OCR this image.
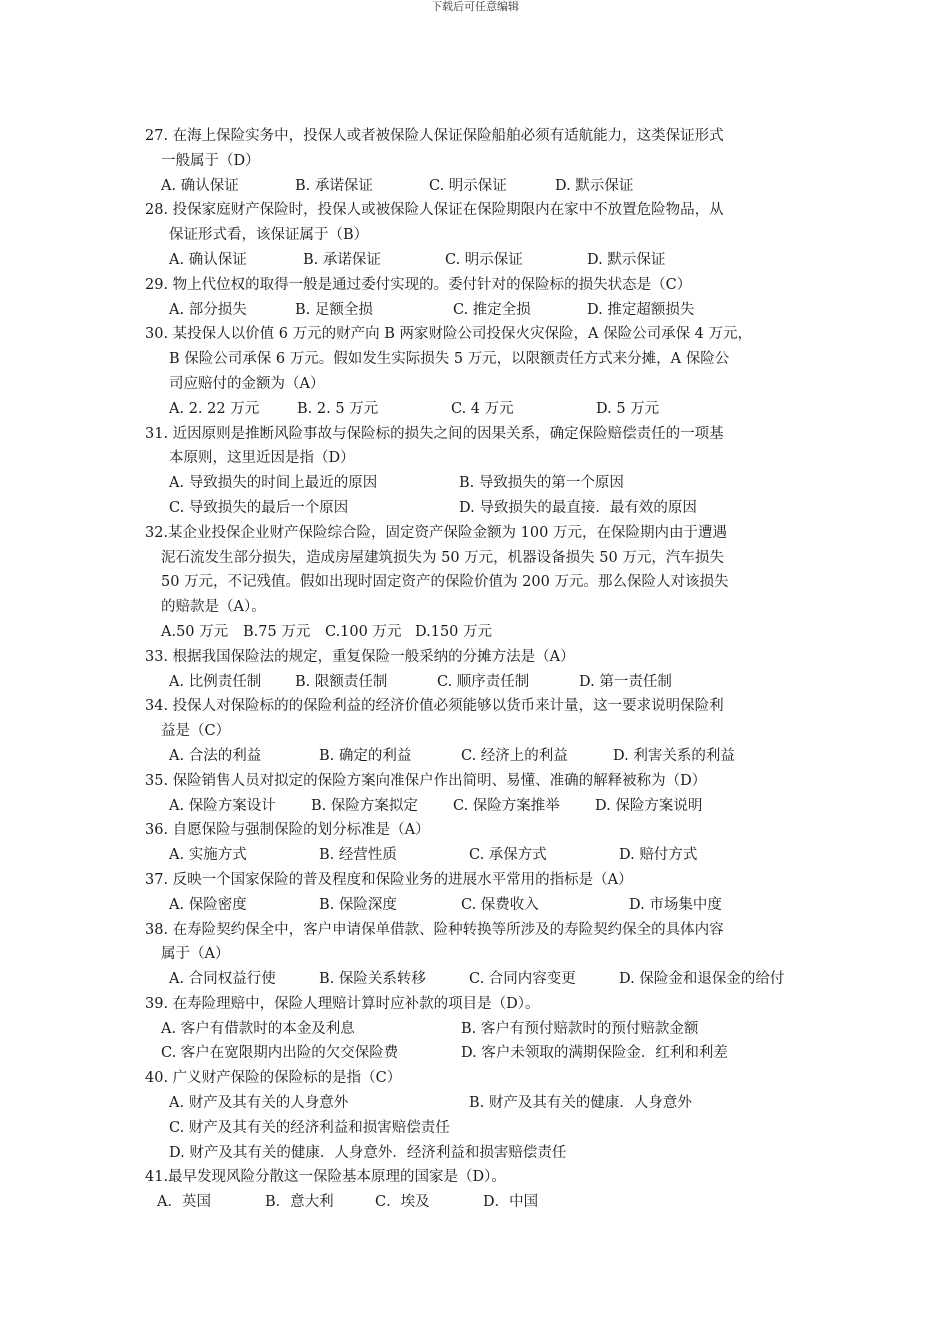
下载后可任意编辑
27. 在海上保险实务中，投保人或者被保险人保证保险船舶必须有适航能力，这类保证形式
一般属于（D）
A. 确认保证	B. 承诺保证	C. 明示保证	D. 默示保证
28. 投保家庭财产保险时，投保人或被保险人保证在保险期限内在家中不放置危险物品，从
保证形式看，该保证属于（B）
A. 确认保证	B. 承诺保证	C. 明示保证	D. 默示保证
29. 物上代位权的取得一般是通过委付实现的。委付针对的保险标的损失状态是（C）
A. 部分损失	B. 足额全损	C. 推定全损	D. 推定超额损失
30. 某投保人以价值 6 万元的财产向 B 两家财险公司投保火灾保险，A 保险公司承保 4 万元，
B 保险公司承保 6 万元。假如发生实际损失 5 万元，以限额责任方式来分摊，A 保险公
司应赔付的金额为（A）
A. 2. 22 万元	B. 2. 5 万元	C. 4 万元	D. 5 万元
31. 近因原则是推断风险事故与保险标的损失之间的因果关系，确定保险赔偿责任的一项基
本原则，这里近因是指（D）
A. 导致损失的时间上最近的原因	B. 导致损失的第一个原因
C. 导致损失的最后一个原因	D. 导致损失的最直接．最有效的原因
32.某企业投保企业财产保险综合险，固定资产保险金额为 100 万元，在保险期内由于遭遇
泥石流发生部分损失，造成房屋建筑损失为 50 万元，机器设备损失 50 万元，汽车损失
50 万元，不记残值。假如出现时固定资产的保险价值为 200 万元。那么保险人对该损失
的赔款是（A）。
A.50 万元	B.75 万元	C.100 万元 D.150 万元
33. 根据我国保险法的规定，重复保险一般采纳的分摊方法是（A）
A. 比例责任制	B. 限额责任制	C. 顺序责任制	D. 第一责任制
34. 投保人对保险标的的保险利益的经济价值必须能够以货币来计量，这一要求说明保险利
益是（C）
A. 合法的利益	B. 确定的利益	C. 经济上的利益	D. 利害关系的利益
35. 保险销售人员对拟定的保险方案向准保户作出简明、易懂、准确的解释被称为（D）
A. 保险方案设计	B. 保险方案拟定	C. 保险方案推举	D. 保险方案说明
36. 自愿保险与强制保险的划分标准是（A）
A. 实施方式	B. 经营性质	C. 承保方式	D. 赔付方式
37. 反映一个国家保险的普及程度和保险业务的进展水平常用的指标是（A）
A. 保险密度	B. 保险深度	C. 保费收入	D. 市场集中度
38. 在寿险契约保全中，客户申请保单借款、险种转换等所涉及的寿险契约保全的具体内容
属于（A）
A. 合同权益行使	B. 保险关系转移	C. 合同内容变更	D. 保险金和退保金的给付
39. 在寿险理赔中，保险人理赔计算时应补款的项目是（D）。
A. 客户有借款时的本金及利息	B. 客户有预付赔款时的预付赔款金额
C. 客户在宽限期内出险的欠交保险费	D. 客户未领取的满期保险金．红利和利差
40. 广义财产保险的保险标的是指（C）
A. 财产及其有关的人身意外	B. 财产及其有关的健康．人身意外
C. 财产及其有关的经济利益和损害赔偿责任
D. 财产及其有关的健康．人身意外．经济利益和损害赔偿责任
41.最早发现风险分散这一保险基本原理的国家是（D）。
A．英国	B．意大利	C．埃及	D．中国
